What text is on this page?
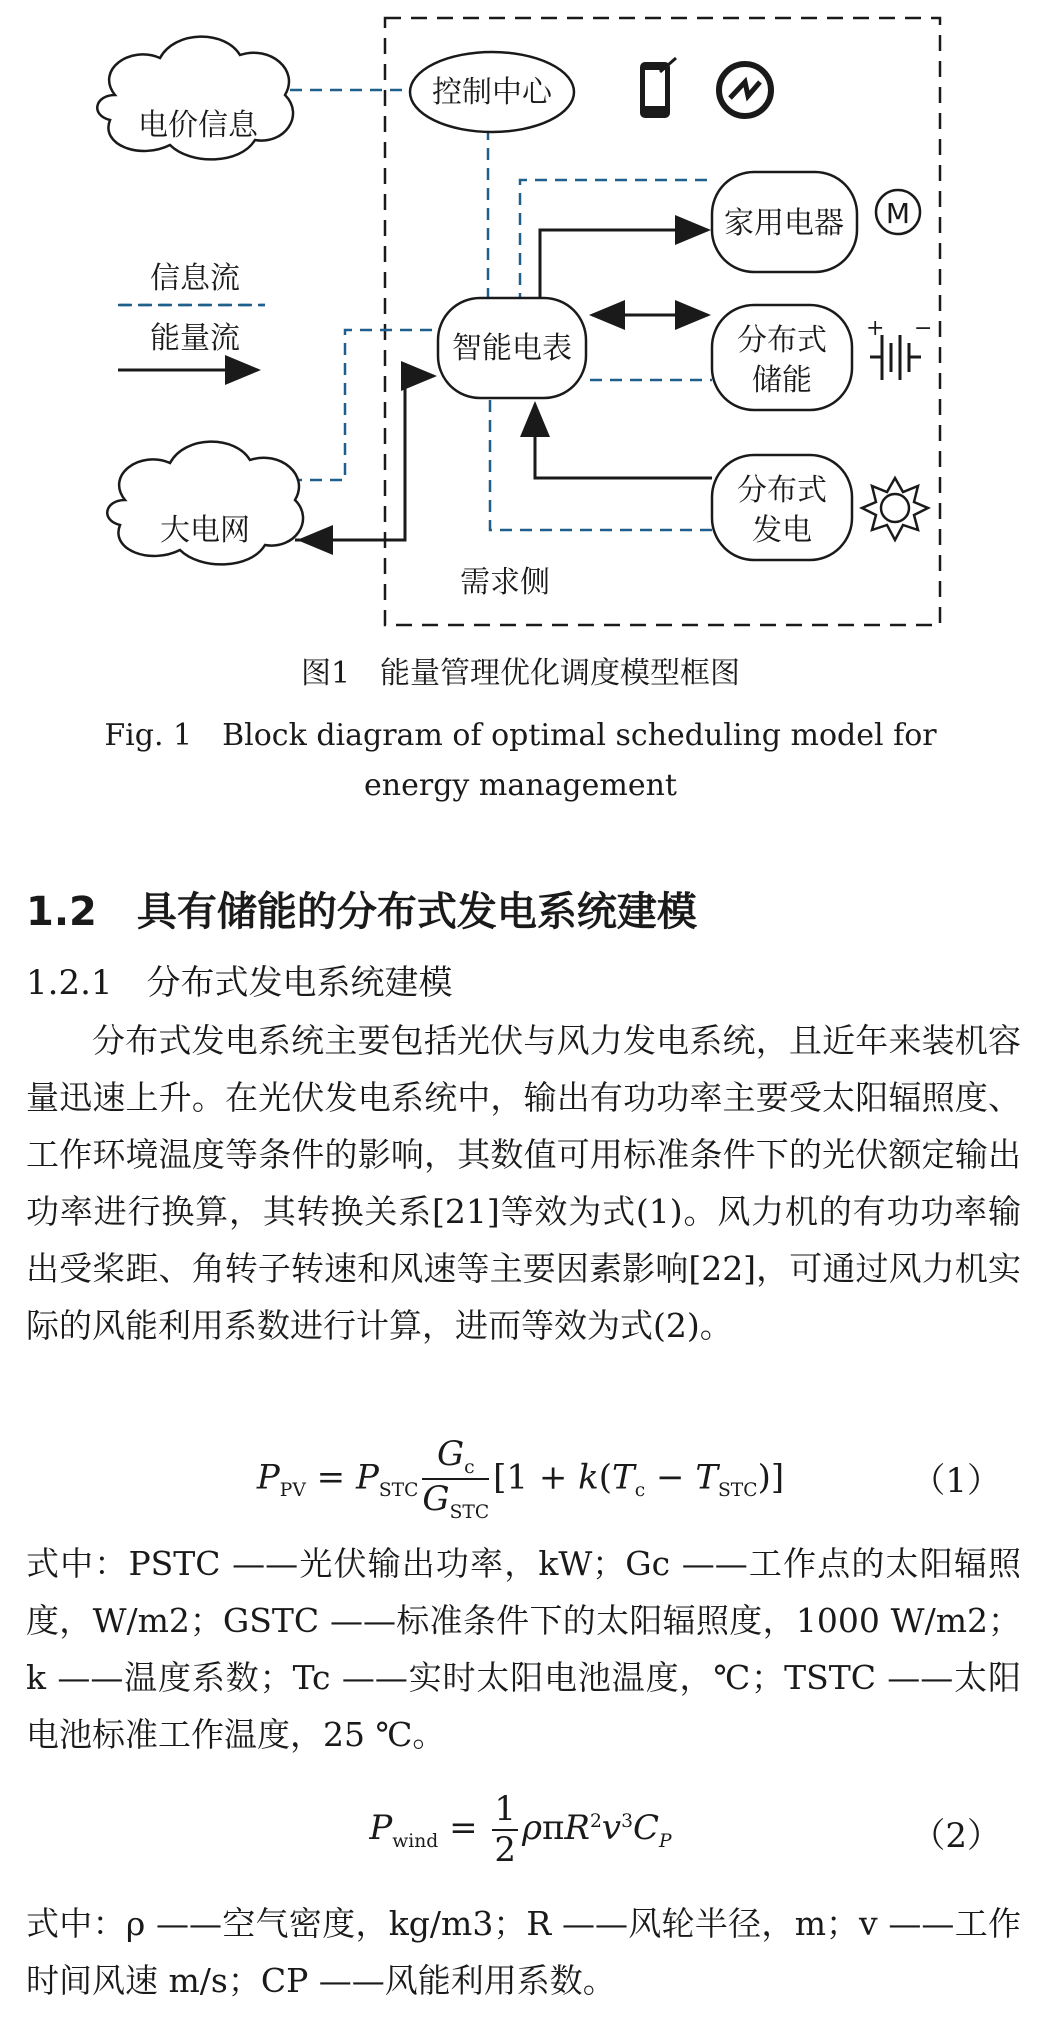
电价信息
大电网
控制中心
家用电器 M
智能电表	分布式
储能
+ −
分布式
发电
信息流
能量流
需求侧
图1　能量管理优化调度模型框图
Fig. 1　Block diagram of optimal scheduling model for
energy management
1.2　具有储能的分布式发电系统建模
1.2.1　分布式发电系统建模
分布式发电系统主要包括光伏与风力发电系统，且近年来装机容量迅速上升。在光伏发电系统中，输出有功功率主要受太阳辐照度、工作环境温度等条件的影响，其数值可用标准条件下的光伏额定输出功率进行换算，其转换关系[21]等效为式(1)。风力机的有功功率输出受桨距、角转子转速和风速等主要因素影响[22]，可通过风力机实际的风能利用系数进行计算，进而等效为式(2)。
$P_{PV} = P_{STC} \frac{G_c}{G_{STC}} [1 + k(T_c - T_{STC})]$	（1）
式中：PSTC ——光伏输出功率，kW；Gc ——工作点的太阳辐照度，W/m2；GSTC ——标准条件下的太阳辐照度，1000 W/m2；k ——温度系数；Tc ——实时太阳电池温度，℃；TSTC ——太阳电池标准工作温度，25 ℃。
$P_{wind} = \frac{1}{2} \rho\pi R^2v^3C_P$	（2）
式中：ρ ——空气密度，kg/m3；R ——风轮半径，m；v ——工作时间风速 m/s；CP ——风能利用系数。
